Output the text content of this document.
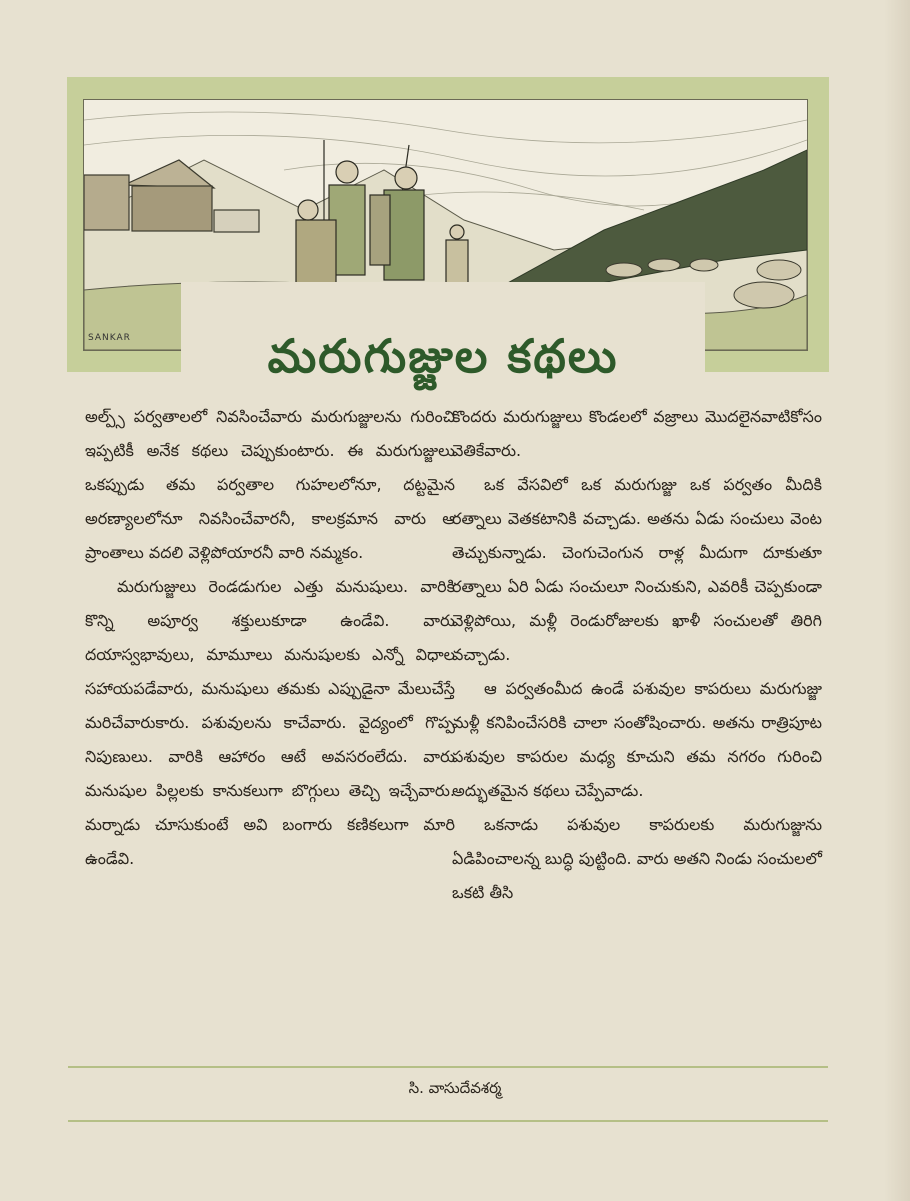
SANKAR	మరుగుజ్జుల కథలు

అల్ప్స్ పర్వతాలలో నివసించేవారు మరుగుజ్జులను గురించి ఇప్పటికీ అనేక కథలు చెప్పుకుంటారు. ఈ మరుగుజ్జులు ఒకప్పుడు తమ పర్వతాల గుహలలోనూ, దట్టమైన అరణ్యాలలోనూ నివసించేవారనీ, కాలక్రమాన వారు ఆ ప్రాంతాలు వదలి వెళ్లిపోయారనీ వారి నమ్మకం.

మరుగుజ్జులు రెండడుగుల ఎత్తు మనుషులు. వారికి కొన్ని అపూర్వ శక్తులుకూడా ఉండేవి. వారు దయాస్వభావులు, మామూలు మనుషులకు ఎన్నో విధాల సహాయపడేవారు, మనుషులు తమకు ఎప్పుడైనా మేలుచేస్తే మరిచేవారుకారు. పశువులను కాచేవారు. వైద్యంలో గొప్ప నిపుణులు. వారికి ఆహారం ఆటే అవసరంలేదు. వారు మనుషుల పిల్లలకు కానుకలుగా బొగ్గులు తెచ్చి ఇచ్చేవారు. మర్నాడు చూసుకుంటే అవి బంగారు కణికలుగా మారి ఉండేవి.

కొందరు మరుగుజ్జులు కొండలలో వజ్రాలు మొదలైనవాటికోసం వెతికేవారు.

ఒక వేసవిలో ఒక మరుగుజ్జు ఒక పర్వతం మీదికి రత్నాలు వెతకటానికి వచ్చాడు. అతను ఏడు సంచులు వెంట తెచ్చుకున్నాడు. చెంగుచెంగున రాళ్ల మీదుగా దూకుతూ రత్నాలు ఏరి ఏడు సంచులూ నించుకుని, ఎవరికీ చెప్పకుండా వెళ్లిపోయి, మళ్లీ రెండురోజులకు ఖాళీ సంచులతో తిరిగి వచ్చాడు.

ఆ పర్వతంమీద ఉండే పశువుల కాపరులు మరుగుజ్జు మళ్లీ కనిపించేసరికి చాలా సంతోషించారు. అతను రాత్రిపూట పశువుల కాపరుల మధ్య కూచుని తమ నగరం గురించి అద్భుతమైన కథలు చెప్పేవాడు.

ఒకనాడు పశువుల కాపరులకు మరుగుజ్జును ఏడిపించాలన్న బుద్ధి పుట్టింది. వారు అతని నిండు సంచులలో ఒకటి తీసి

సి. వాసుదేవశర్మ
